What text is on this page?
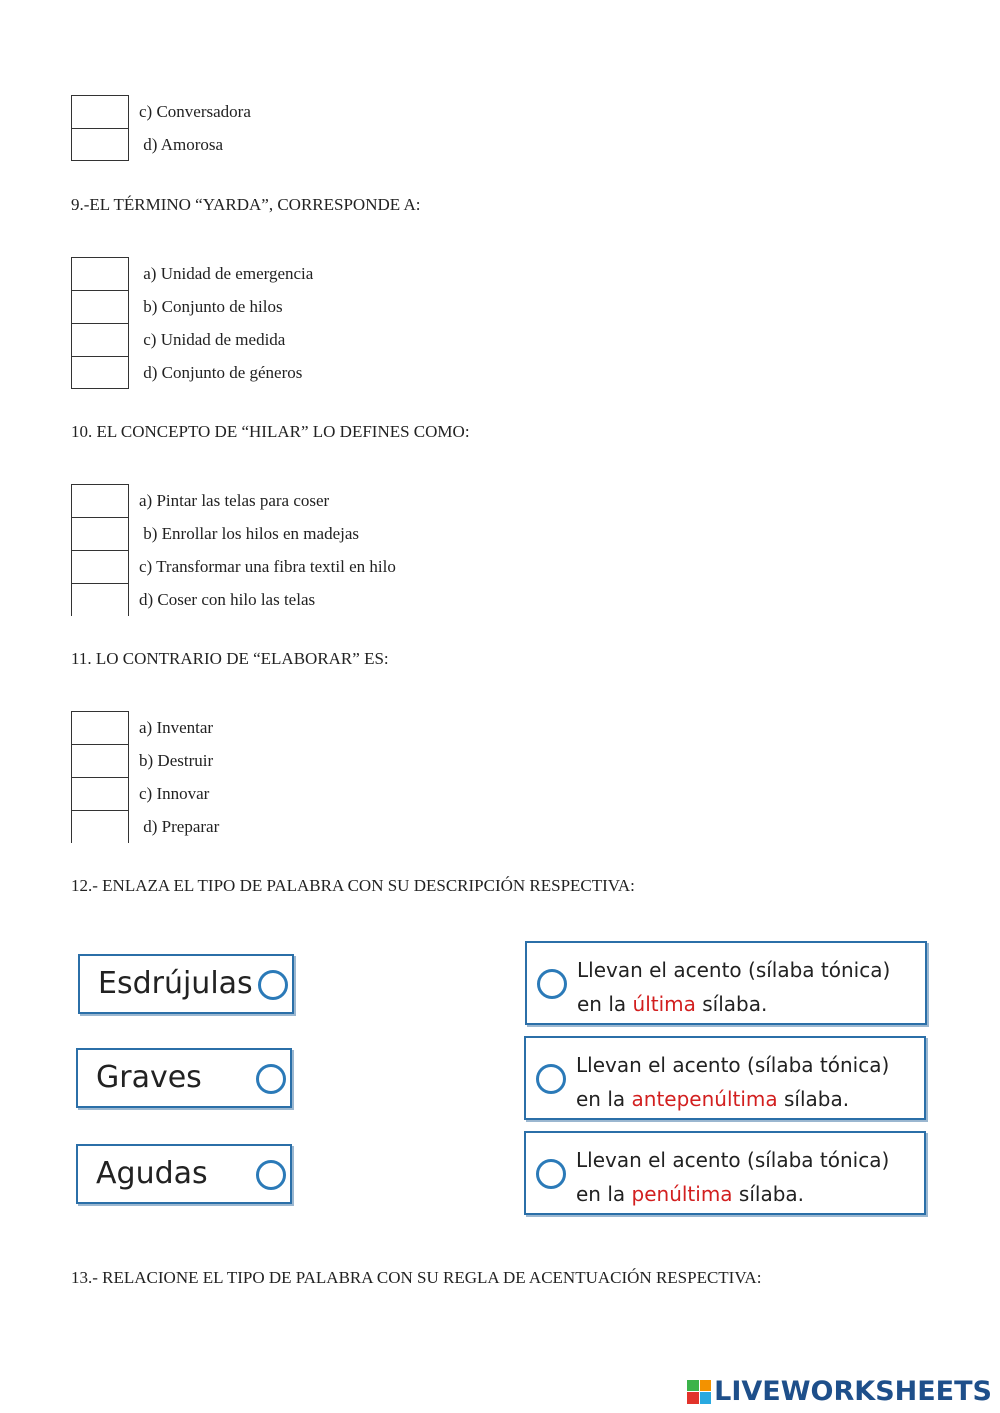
c) Conversadora
d) Amorosa
9.-EL TÉRMINO “YARDA”, CORRESPONDE A:
a) Unidad de emergencia
b) Conjunto de hilos
c) Unidad de medida
d) Conjunto de géneros
10. EL CONCEPTO DE “HILAR” LO DEFINES COMO:
a) Pintar las telas para coser
b) Enrollar los hilos en madejas
c) Transformar una fibra textil en hilo
d) Coser con hilo las telas
11. LO CONTRARIO DE “ELABORAR” ES:
a) Inventar
b) Destruir
c) Innovar
d) Preparar
12.- ENLAZA EL TIPO DE PALABRA CON SU DESCRIPCIÓN RESPECTIVA:
Esdrújulas
Graves
Agudas
Llevan el acento (sílaba tónica)
en la última sílaba.
Llevan el acento (sílaba tónica)
en la antepenúltima sílaba.
Llevan el acento (sílaba tónica)
en la penúltima sílaba.
13.- RELACIONE EL TIPO DE PALABRA CON SU REGLA DE ACENTUACIÓN RESPECTIVA:
LIVEWORKSHEETS
